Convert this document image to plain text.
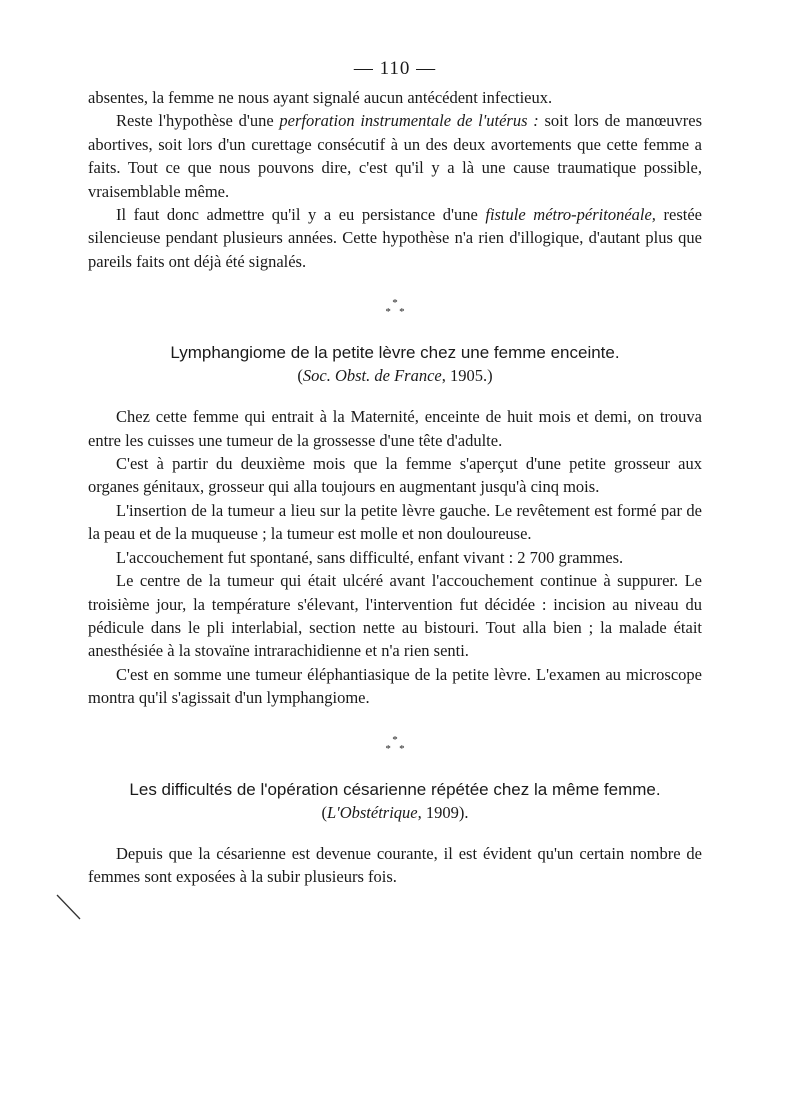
— 110 —

absentes, la femme ne nous ayant signalé aucun antécédent infectieux.

Reste l'hypothèse d'une perforation instrumentale de l'utérus : soit lors de manœuvres abortives, soit lors d'un curettage consécutif à un des deux avortements que cette femme a faits. Tout ce que nous pouvons dire, c'est qu'il y a là une cause traumatique possible, vraisemblable même.

Il faut donc admettre qu'il y a eu persistance d'une fistule métro-péritonéale, restée silencieuse pendant plusieurs années. Cette hypothèse n'a rien d'illogique, d'autant plus que pareils faits ont déjà été signalés.

*
* *
Lymphangiome de la petite lèvre chez une femme enceinte.
(Soc. Obst. de France, 1905.)

Chez cette femme qui entrait à la Maternité, enceinte de huit mois et demi, on trouva entre les cuisses une tumeur de la grossesse d'une tête d'adulte.

C'est à partir du deuxième mois que la femme s'aperçut d'une petite grosseur aux organes génitaux, grosseur qui alla toujours en augmentant jusqu'à cinq mois.

L'insertion de la tumeur a lieu sur la petite lèvre gauche. Le revêtement est formé par de la peau et de la muqueuse ; la tumeur est molle et non douloureuse.

L'accouchement fut spontané, sans difficulté, enfant vivant : 2 700 grammes.

Le centre de la tumeur qui était ulcéré avant l'accouchement continue à suppurer. Le troisième jour, la température s'élevant, l'intervention fut décidée : incision au niveau du pédicule dans le pli interlabial, section nette au bistouri. Tout alla bien ; la malade était anesthésiée à la stovaïne intrarachidienne et n'a rien senti.

C'est en somme une tumeur éléphantiasique de la petite lèvre. L'examen au microscope montra qu'il s'agissait d'un lymphangiome.

*
* *
Les difficultés de l'opération césarienne répétée chez la même femme.
(L'Obstétrique, 1909).

Depuis que la césarienne est devenue courante, il est évident qu'un certain nombre de femmes sont exposées à la subir plusieurs fois.
